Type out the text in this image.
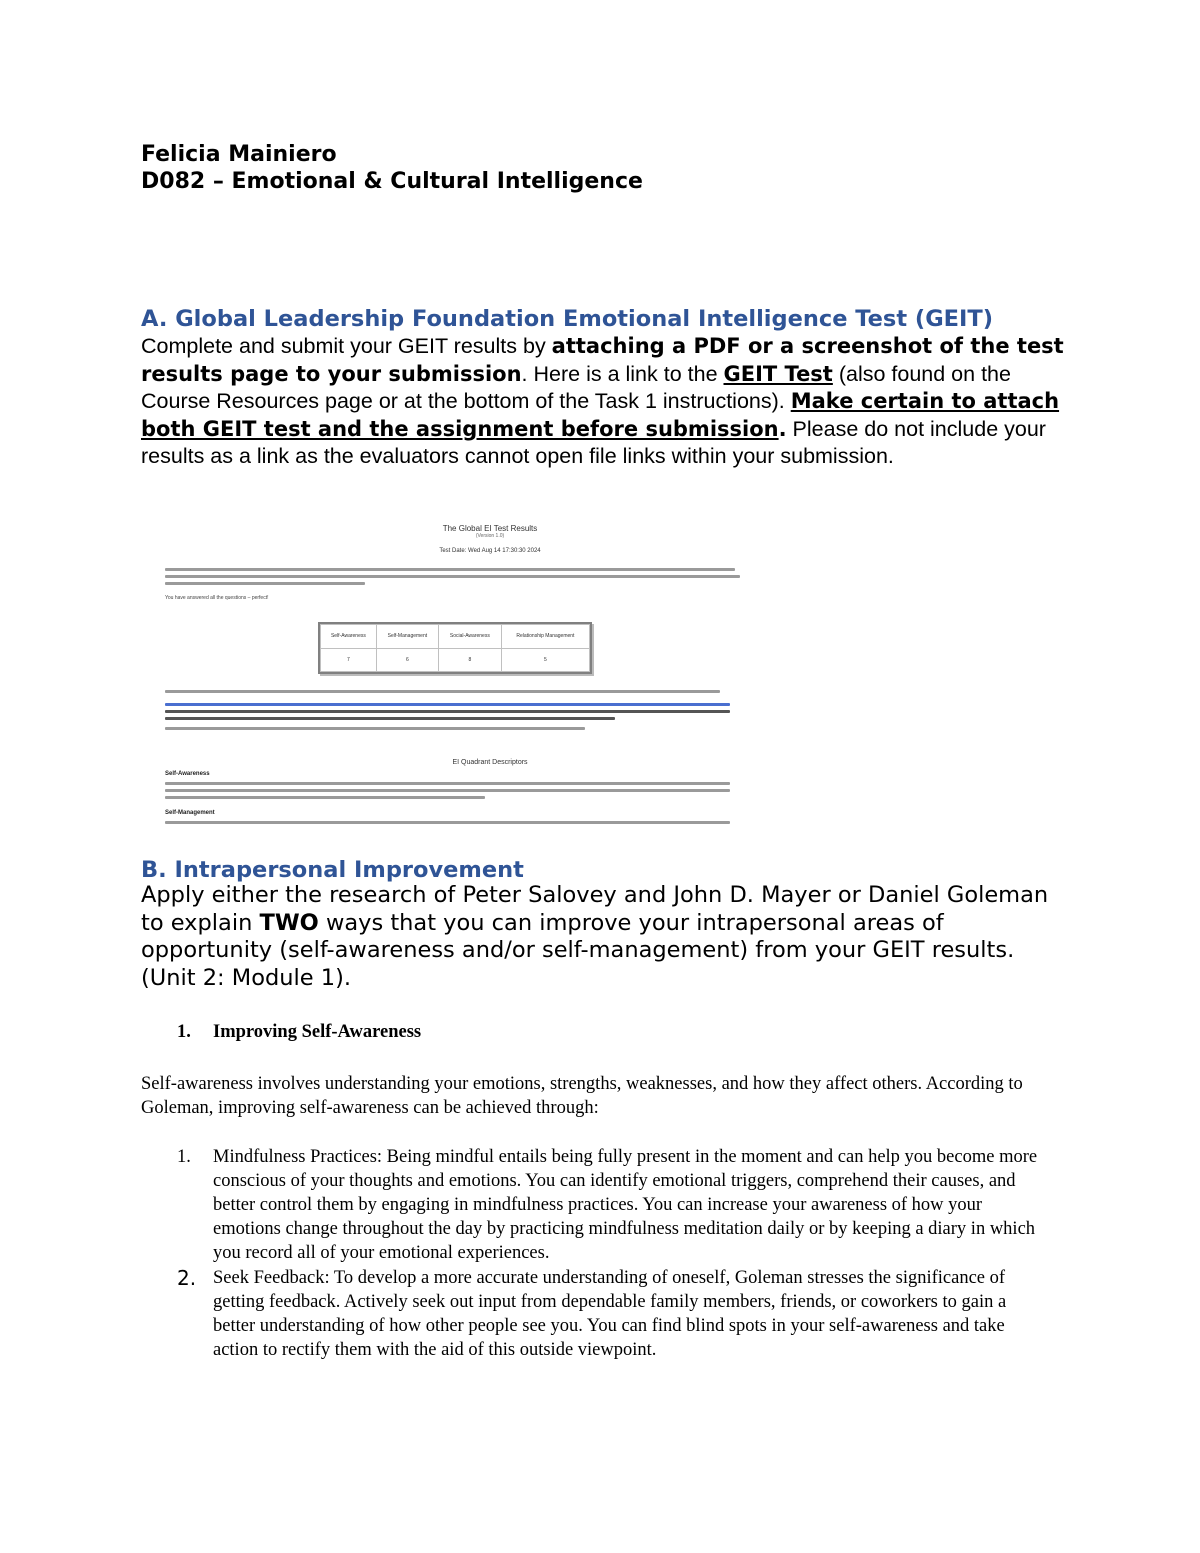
Felicia Mainiero
D082 – Emotional & Cultural Intelligence
A. Global Leadership Foundation Emotional Intelligence Test (GEIT)
Complete and submit your GEIT results by attaching a PDF or a screenshot of the test results page to your submission. Here is a link to the GEIT Test (also found on the Course Resources page or at the bottom of the Task 1 instructions). Make certain to attach both GEIT test and the assignment before submission. Please do not include your results as a link as the evaluators cannot open file links within your submission.
The Global EI Test Results
(Version 1.0)
Test Date: Wed Aug 14 17:30:30 2024
You have answered all the questions – perfect!
Self-Awareness	Self-Management	Social-Awareness	Relationship Management
7	6	8	5
EI Quadrant Descriptors
Self-Awareness
Self-Management
B. Intrapersonal Improvement
Apply either the research of Peter Salovey and John D. Mayer or Daniel Goleman to explain TWO ways that you can improve your intrapersonal areas of opportunity (self-awareness and/or self-management) from your GEIT results. (Unit 2: Module 1).
1. Improving Self-Awareness
Self-awareness involves understanding your emotions, strengths, weaknesses, and how they affect others. According to Goleman, improving self-awareness can be achieved through:
1.	Mindfulness Practices: Being mindful entails being fully present in the moment and can help you become more conscious of your thoughts and emotions. You can identify emotional triggers, comprehend their causes, and better control them by engaging in mindfulness practices. You can increase your awareness of how your emotions change throughout the day by practicing mindfulness meditation daily or by keeping a diary in which you record all of your emotional experiences.
2. Seek Feedback: To develop a more accurate understanding of oneself, Goleman stresses the significance of getting feedback. Actively seek out input from dependable family members, friends, or coworkers to gain a better understanding of how other people see you. You can find blind spots in your self-awareness and take action to rectify them with the aid of this outside viewpoint.
